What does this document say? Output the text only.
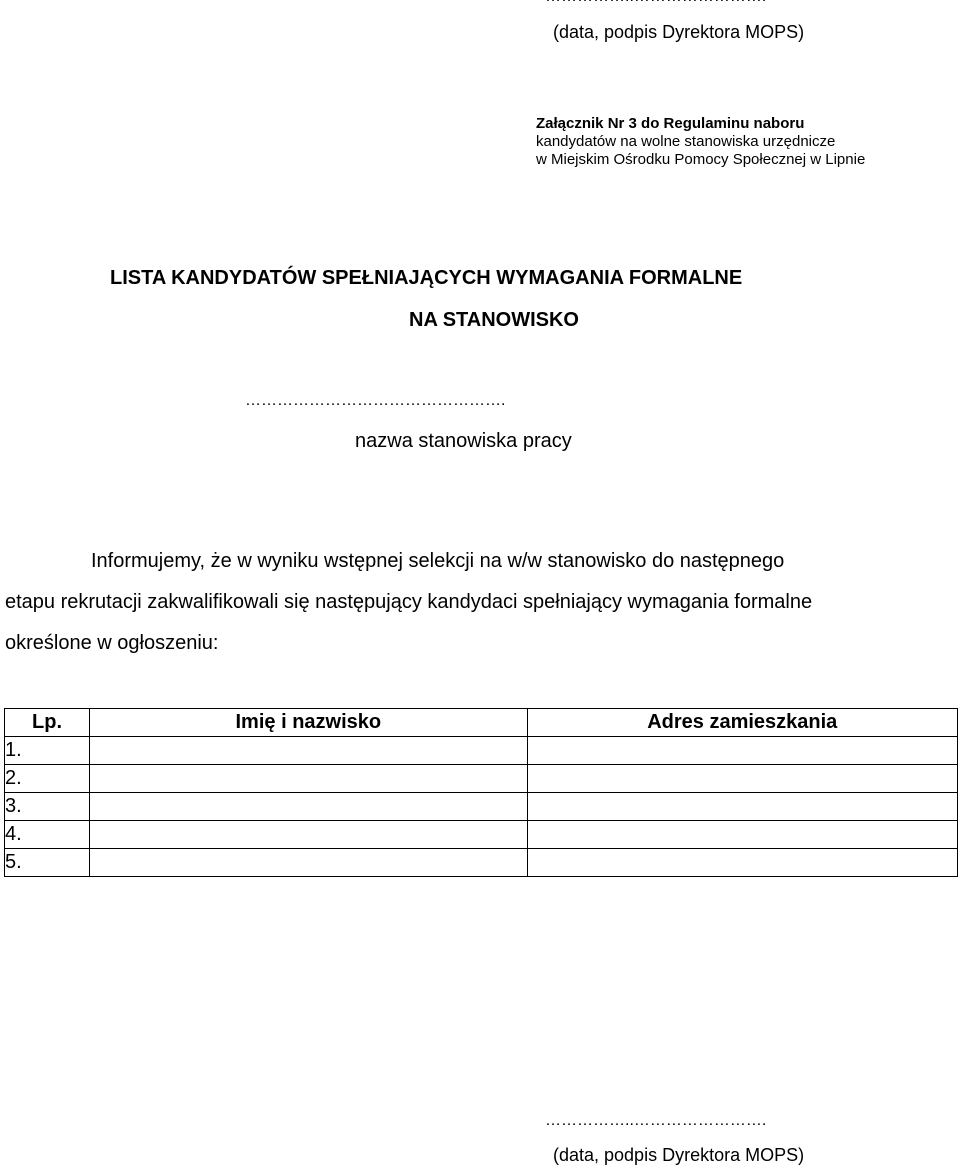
(data, podpis Dyrektora MOPS)
Załącznik Nr 3 do Regulaminu naboru
kandydatów na wolne stanowiska urzędnicze
w Miejskim Ośrodku Pomocy Społecznej w Lipnie
LISTA KANDYDATÓW SPEŁNIAJĄCYCH WYMAGANIA FORMALNE
NA STANOWISKO
………………………………………….
nazwa stanowiska pracy
Informujemy, że w wyniku wstępnej selekcji na w/w stanowisko do następnego
etapu rekrutacji zakwalifikowali się następujący kandydaci spełniający wymagania formalne
określone w ogłoszeniu:
Lp.	Imię i nazwisko	Adres zamieszkania
1.		
2.		
3.		
4.		
5.		
……………..…………………….
(data, podpis Dyrektora MOPS)
